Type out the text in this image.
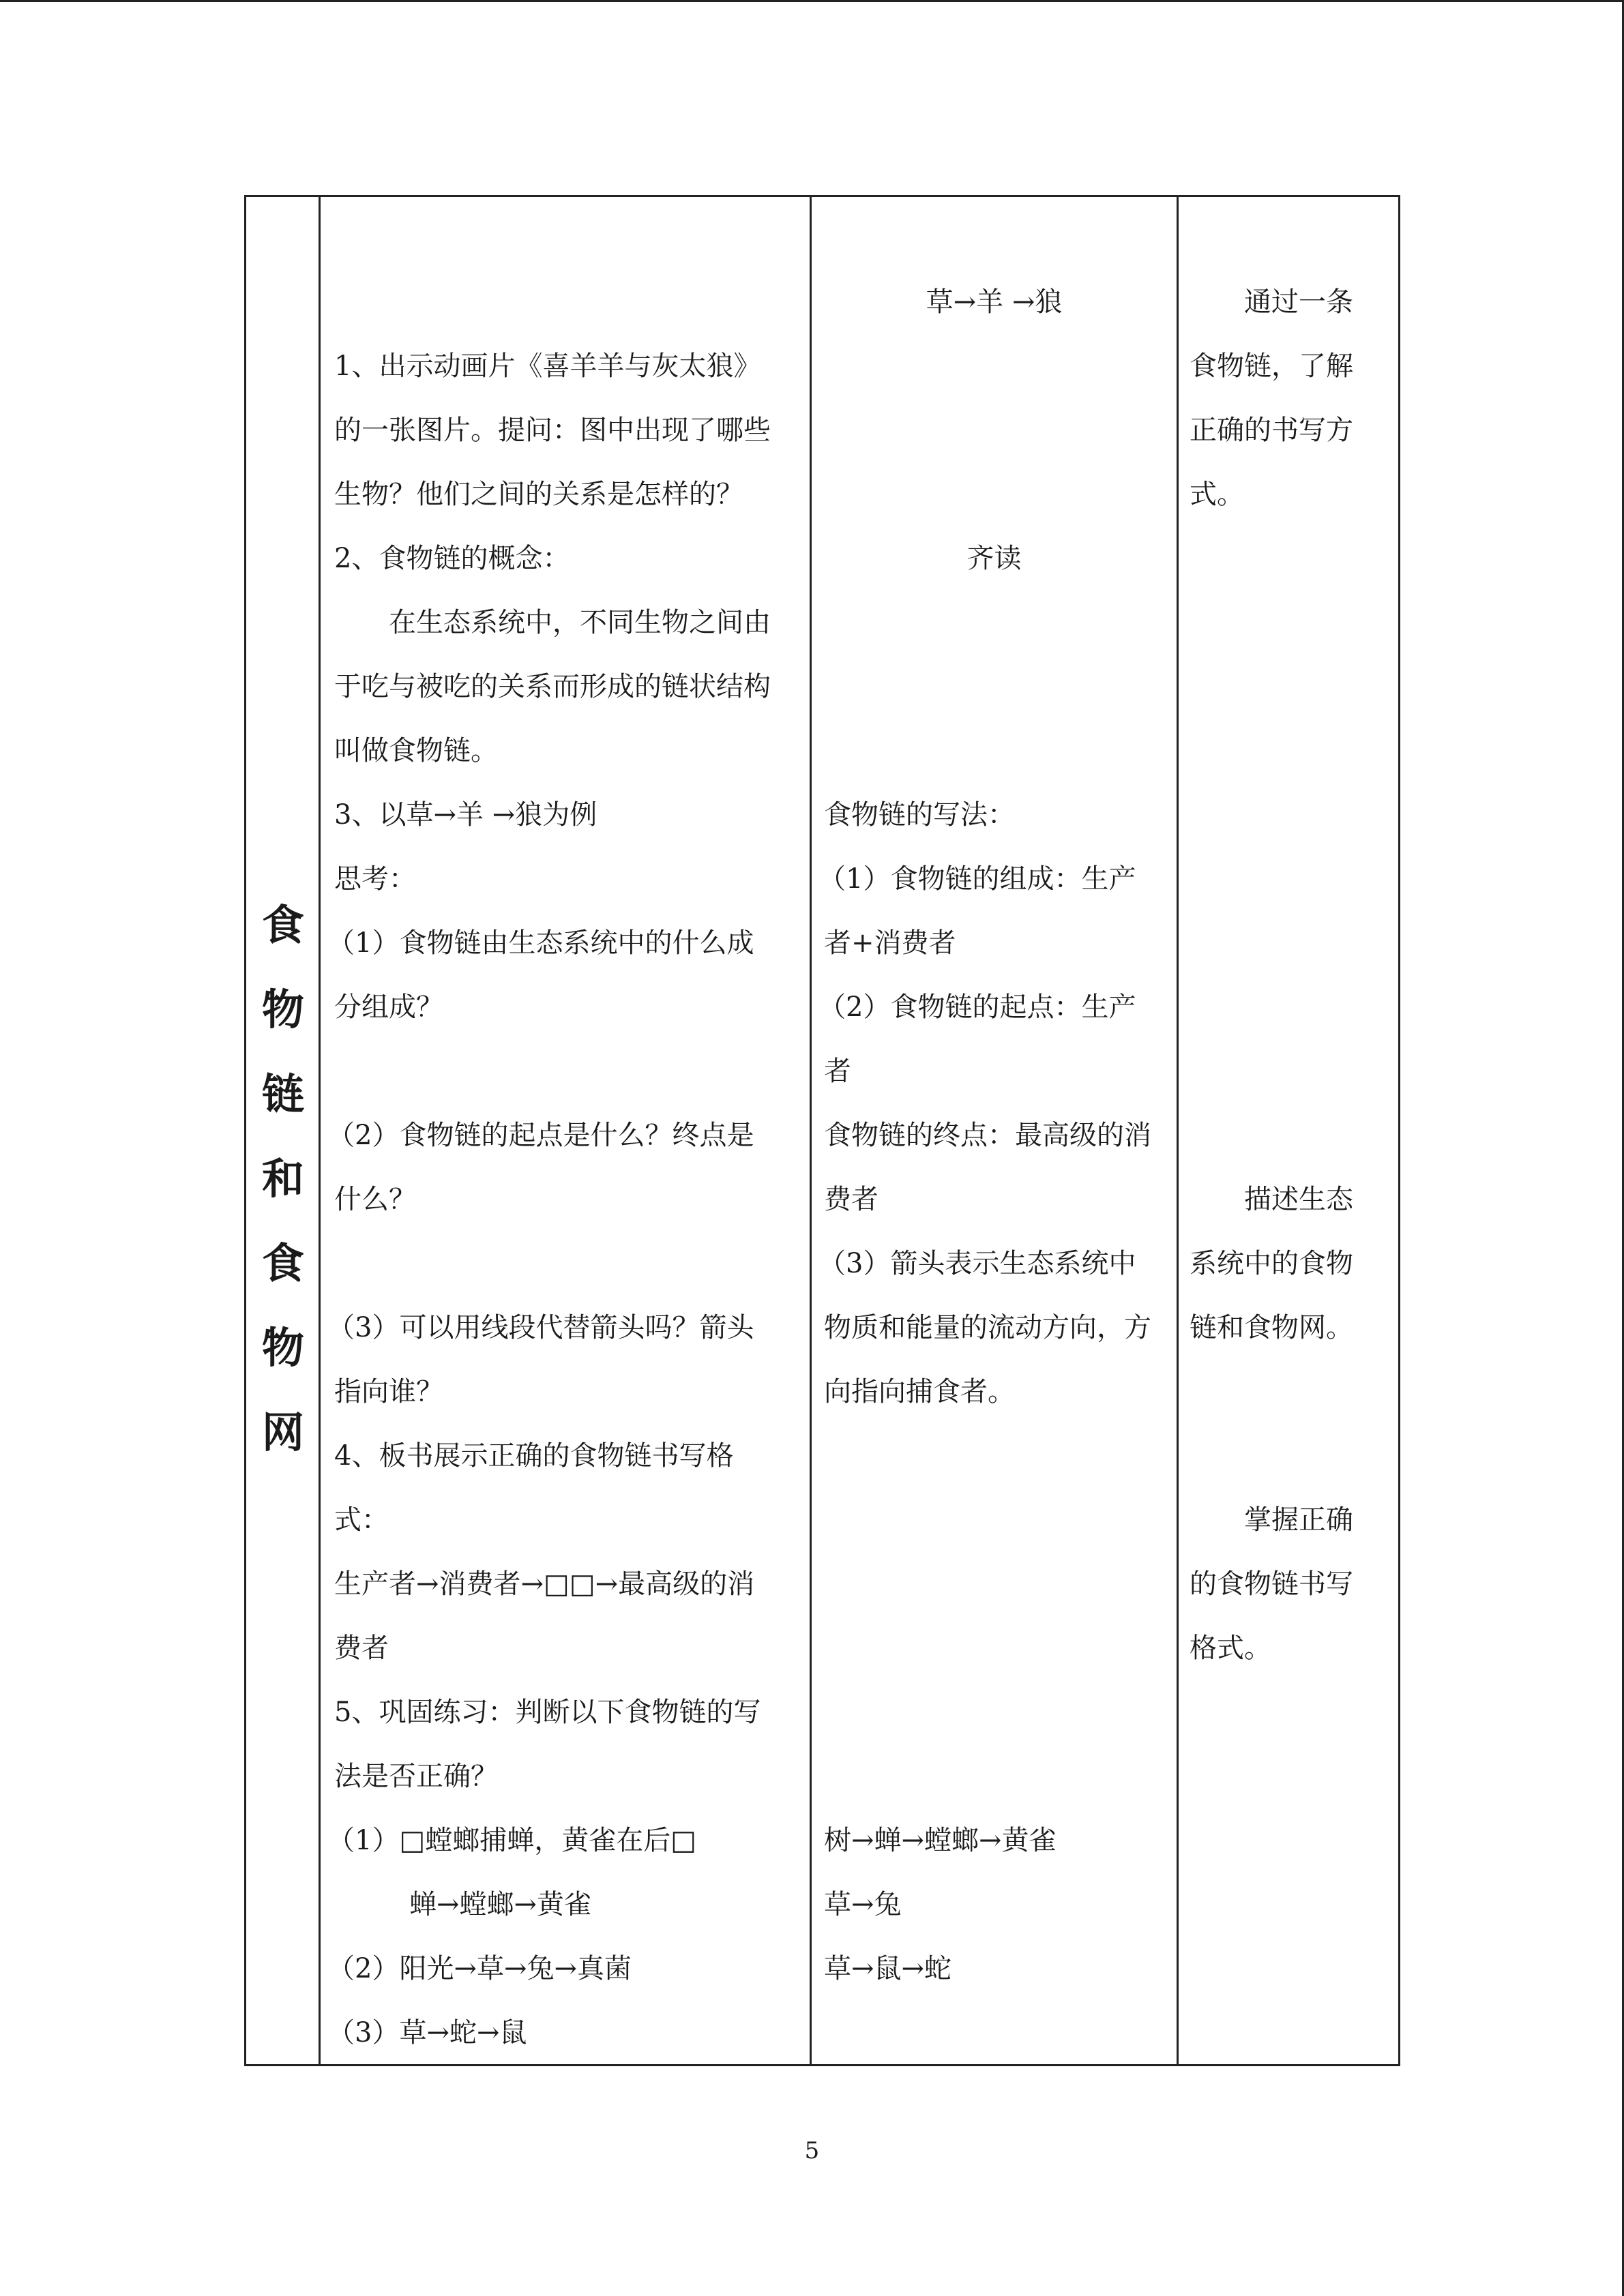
食
物
链
和
食
物
网
1、出示动画片《喜羊羊与灰太狼》
的一张图片。提问：图中出现了哪些
生物？他们之间的关系是怎样的？
2、食物链的概念：
在生态系统中，不同生物之间由
于吃与被吃的关系而形成的链状结构
叫做食物链。
3、以草→羊 →狼为例
思考：
（1）食物链由生态系统中的什么成
分组成？
（2）食物链的起点是什么？终点是
什么？
（3）可以用线段代替箭头吗？箭头
指向谁？
4、板书展示正确的食物链书写格
式：
生产者→消费者→□□→最高级的消
费者
5、巩固练习：判断以下食物链的写
法是否正确？
（1）□螳螂捕蝉，黄雀在后□
蝉→螳螂→黄雀
（2）阳光→草→兔→真菌
（3）草→蛇→鼠
草→羊 →狼
齐读
食物链的写法：
（1）食物链的组成：生产
者+消费者
（2）食物链的起点：生产
者
食物链的终点：最高级的消
费者
（3）箭头表示生态系统中
物质和能量的流动方向，方
向指向捕食者。
树→蝉→螳螂→黄雀
草→兔
草→鼠→蛇
通过一条
食物链，了解
正确的书写方
式。
描述生态
系统中的食物
链和食物网。
掌握正确
的食物链书写
格式。
5
